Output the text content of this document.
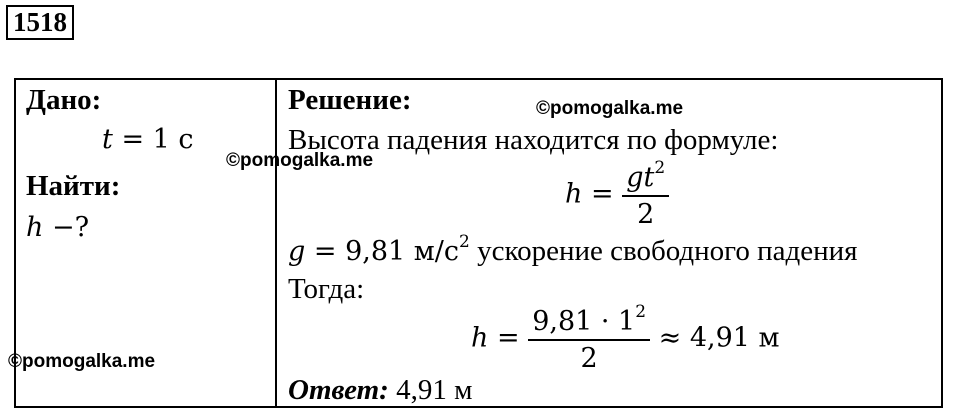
1518
Дано:
t = 1 c
Найти:
h −?
Решение:
Высота падения находится по формуле:
$h = \frac{gt2}{2}$
g = 9,81 м/с2 ускорение свободного падения
Тогда:
$h = \frac{9,81 \cdot 12}{2} \approx 4,91$ м
Ответ: 4,91 м
©pomogalka.me
©pomogalka.me
©pomogalka.me
